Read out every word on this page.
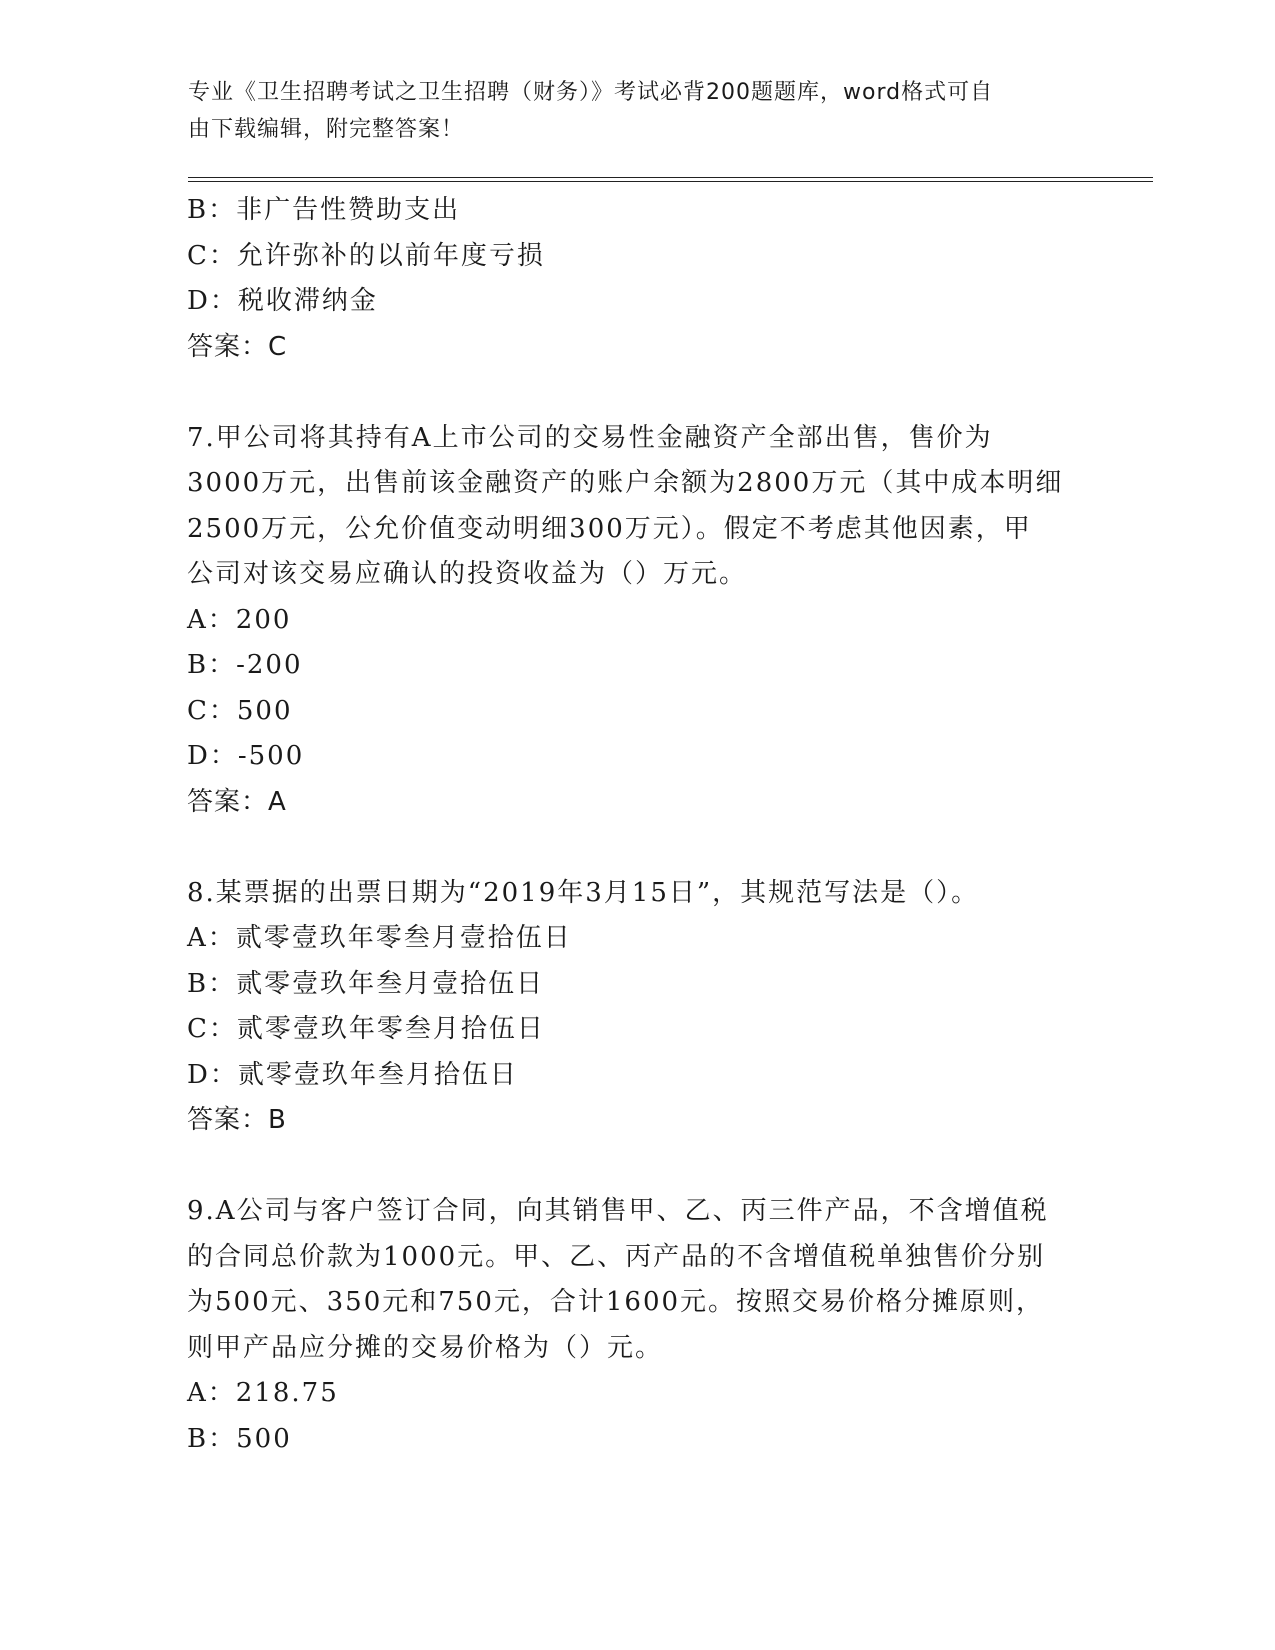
专业《卫生招聘考试之卫生招聘（财务）》考试必背200题题库，word格式可自
由下载编辑，附完整答案！
B：非广告性赞助支出
C：允许弥补的以前年度亏损
D：税收滞纳金
答案：C
7.甲公司将其持有A上市公司的交易性金融资产全部出售，售价为
3000万元，出售前该金融资产的账户余额为2800万元（其中成本明细
2500万元，公允价值变动明细300万元）。假定不考虑其他因素，甲
公司对该交易应确认的投资收益为（）万元。
A：200
B：-200
C：500
D：-500
答案：A
8.某票据的出票日期为“2019年3月15日”，其规范写法是（）。
A：贰零壹玖年零叁月壹拾伍日
B：贰零壹玖年叁月壹拾伍日
C：贰零壹玖年零叁月拾伍日
D：贰零壹玖年叁月拾伍日
答案：B
9.A公司与客户签订合同，向其销售甲、乙、丙三件产品，不含增值税
的合同总价款为1000元。甲、乙、丙产品的不含增值税单独售价分别
为500元、350元和750元，合计1600元。按照交易价格分摊原则，
则甲产品应分摊的交易价格为（）元。
A：218.75
B：500
